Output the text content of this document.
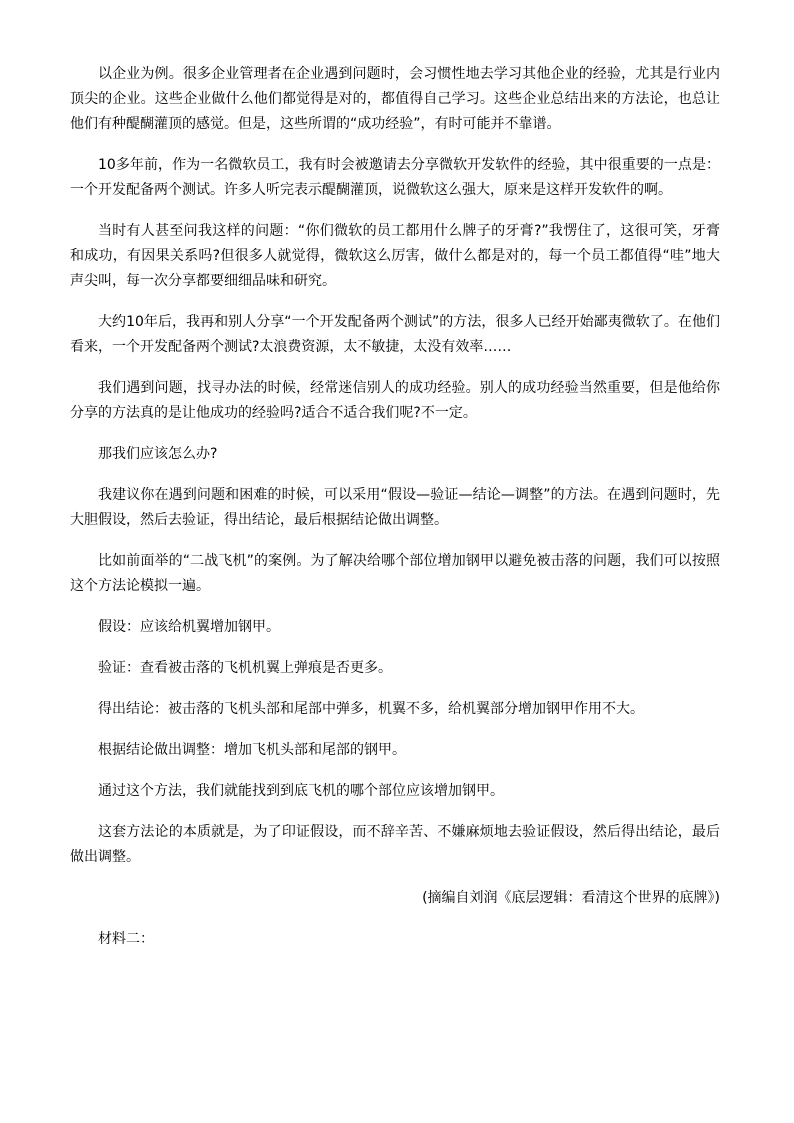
以企业为例。很多企业管理者在企业遇到问题时，会习惯性地去学习其他企业的经验，尤其是行业内顶尖的企业。这些企业做什么他们都觉得是对的，都值得自己学习。这些企业总结出来的方法论，也总让他们有种醍醐灌顶的感觉。但是，这些所谓的“成功经验”，有时可能并不靠谱。

10多年前，作为一名微软员工，我有时会被邀请去分享微软开发软件的经验，其中很重要的一点是：一个开发配备两个测试。许多人听完表示醍醐灌顶，说微软这么强大，原来是这样开发软件的啊。

当时有人甚至问我这样的问题：“你们微软的员工都用什么牌子的牙膏?”我愣住了，这很可笑，牙膏和成功，有因果关系吗?但很多人就觉得，微软这么厉害，做什么都是对的，每一个员工都值得“哇”地大声尖叫，每一次分享都要细细品味和研究。

大约10年后，我再和别人分享“一个开发配备两个测试”的方法，很多人已经开始鄙夷微软了。在他们看来，一个开发配备两个测试?太浪费资源，太不敏捷，太没有效率……

我们遇到问题，找寻办法的时候，经常迷信别人的成功经验。别人的成功经验当然重要，但是他给你分享的方法真的是让他成功的经验吗?适合不适合我们呢?不一定。

那我们应该怎么办?

我建议你在遇到问题和困难的时候，可以采用“假设—验证—结论—调整”的方法。在遇到问题时，先大胆假设，然后去验证，得出结论，最后根据结论做出调整。

比如前面举的“二战飞机”的案例。为了解决给哪个部位增加钢甲以避免被击落的问题，我们可以按照这个方法论模拟一遍。

假设：应该给机翼增加钢甲。

验证：查看被击落的飞机机翼上弹痕是否更多。

得出结论：被击落的飞机头部和尾部中弹多，机翼不多，给机翼部分增加钢甲作用不大。

根据结论做出调整：增加飞机头部和尾部的钢甲。

通过这个方法，我们就能找到到底飞机的哪个部位应该增加钢甲。

这套方法论的本质就是，为了印证假设，而不辞辛苦、不嫌麻烦地去验证假设，然后得出结论，最后做出调整。

(摘编自刘润《底层逻辑：看清这个世界的底牌》)

材料二：
